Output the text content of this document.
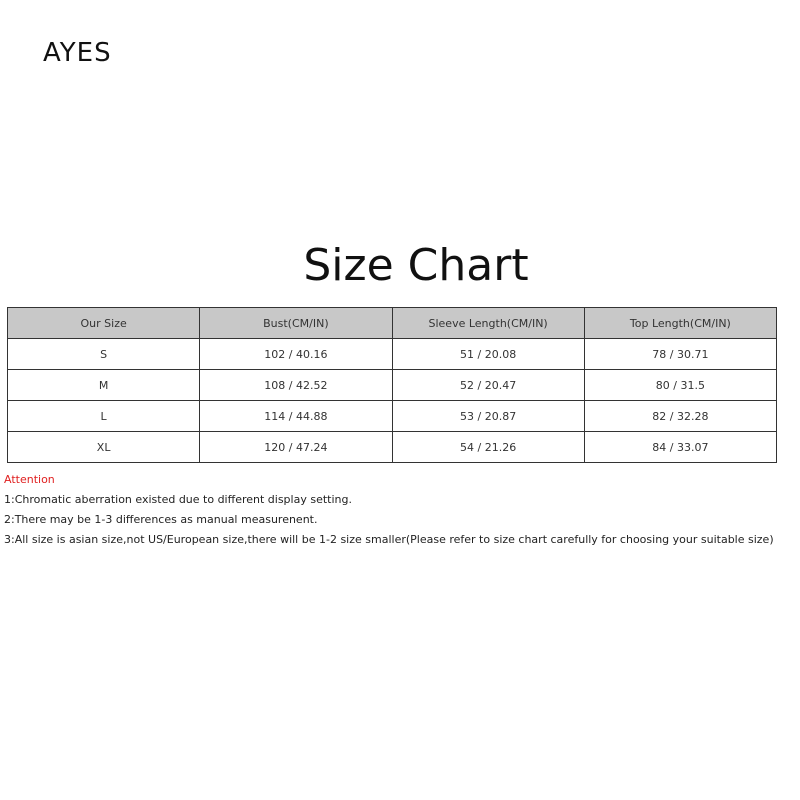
AYES
Size Chart
Our Size	Bust(CM/IN)	Sleeve Length(CM/IN)	Top Length(CM/IN)
S	102 / 40.16	51 / 20.08	78 / 30.71
M	108 / 42.52	52 / 20.47	80 / 31.5
L	114 / 44.88	53 / 20.87	82 / 32.28
XL	120 / 47.24	54 / 21.26	84 / 33.07
Attention
1:Chromatic aberration existed due to different display setting.
2:There may be 1-3 differences as manual measurenent.
3:All size is asian size,not US/European size,there will be 1-2 size smaller(Please refer to size chart carefully for choosing your suitable size)
